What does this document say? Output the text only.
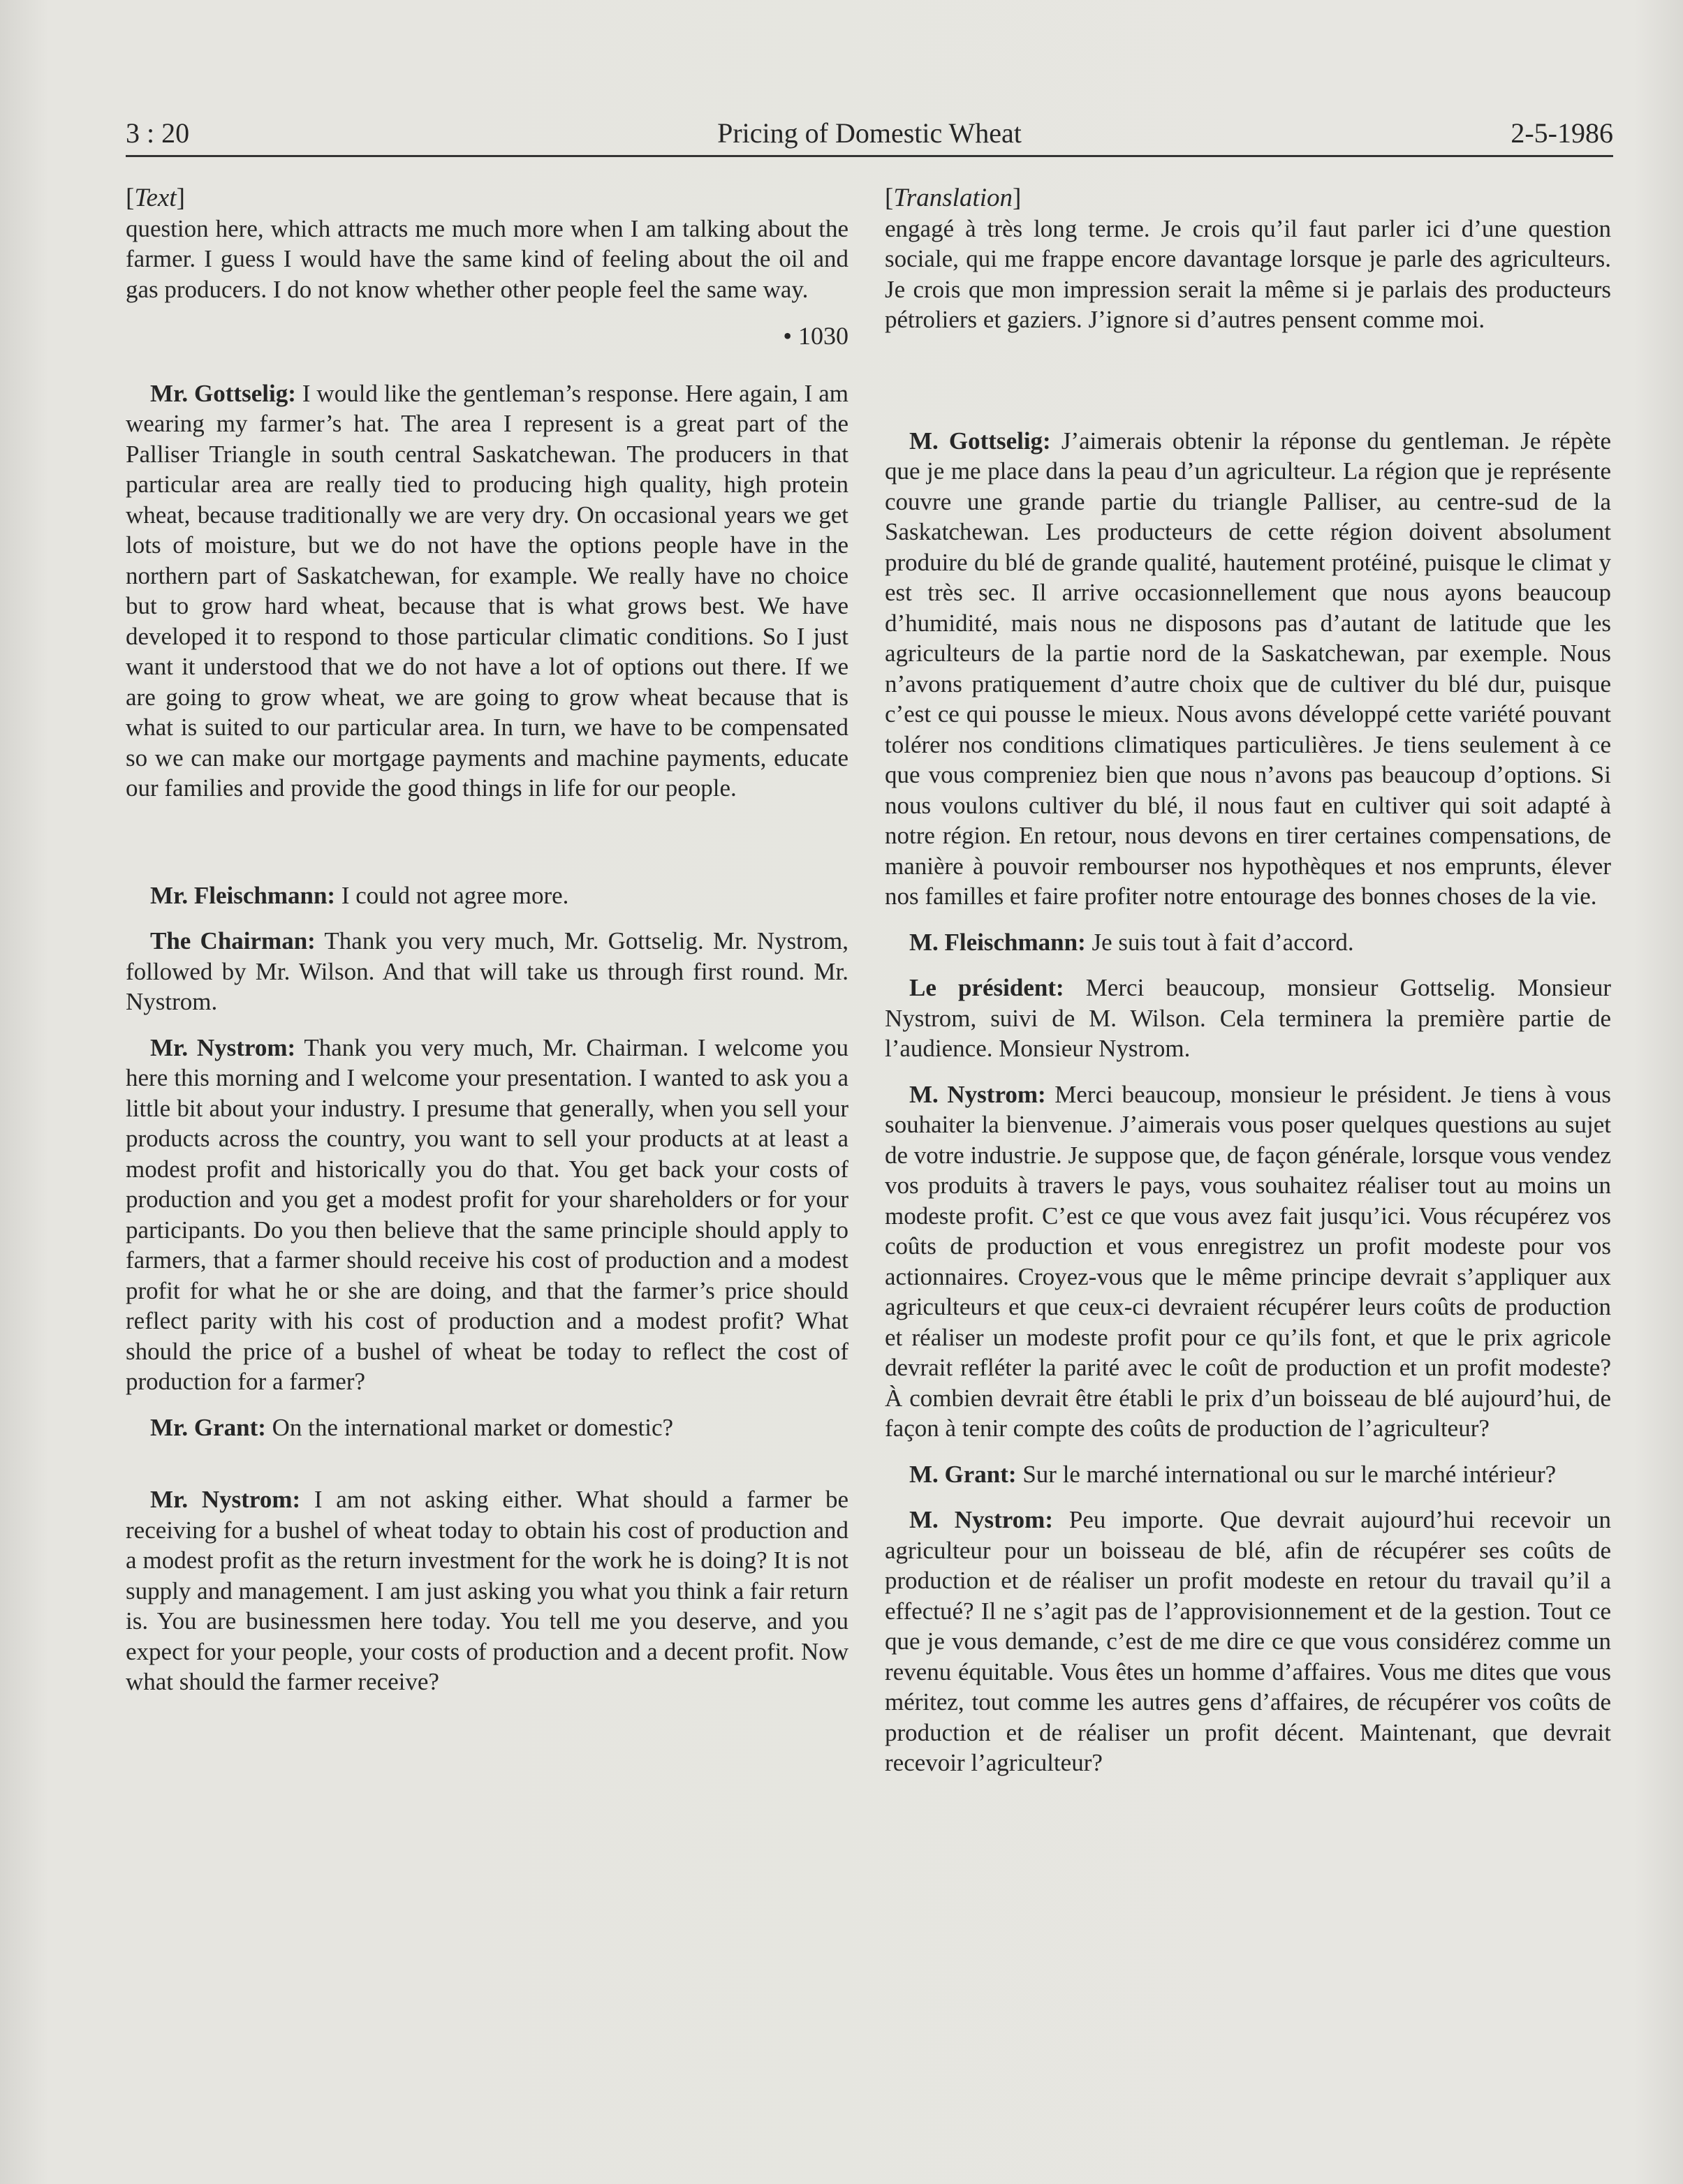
3 : 20	Pricing of Domestic Wheat	2-5-1986

[Text]

question here, which attracts me much more when I am talking about the farmer. I guess I would have the same kind of feeling about the oil and gas producers. I do not know whether other people feel the same way.

• 1030

Mr. Gottselig: I would like the gentleman’s response. Here again, I am wearing my farmer’s hat. The area I represent is a great part of the Palliser Triangle in south central Saskatchewan. The producers in that particular area are really tied to producing high quality, high protein wheat, because traditionally we are very dry. On occasional years we get lots of moisture, but we do not have the options people have in the northern part of Saskatchewan, for example. We really have no choice but to grow hard wheat, because that is what grows best. We have developed it to respond to those particular climatic conditions. So I just want it understood that we do not have a lot of options out there. If we are going to grow wheat, we are going to grow wheat because that is what is suited to our particular area. In turn, we have to be compensated so we can make our mortgage payments and machine payments, educate our families and provide the good things in life for our people.

Mr. Fleischmann: I could not agree more.

The Chairman: Thank you very much, Mr. Gottselig. Mr. Nystrom, followed by Mr. Wilson. And that will take us through first round. Mr. Nystrom.

Mr. Nystrom: Thank you very much, Mr. Chairman. I welcome you here this morning and I welcome your presentation. I wanted to ask you a little bit about your industry. I presume that generally, when you sell your products across the country, you want to sell your products at at least a modest profit and historically you do that. You get back your costs of production and you get a modest profit for your shareholders or for your participants. Do you then believe that the same principle should apply to farmers, that a farmer should receive his cost of production and a modest profit for what he or she are doing, and that the farmer’s price should reflect parity with his cost of production and a modest profit? What should the price of a bushel of wheat be today to reflect the cost of production for a farmer?

Mr. Grant: On the international market or domestic?

Mr. Nystrom: I am not asking either. What should a farmer be receiving for a bushel of wheat today to obtain his cost of production and a modest profit as the return investment for the work he is doing? It is not supply and management. I am just asking you what you think a fair return is. You are businessmen here today. You tell me you deserve, and you expect for your people, your costs of production and a decent profit. Now what should the farmer receive?

[Translation]

engagé à très long terme. Je crois qu’il faut parler ici d’une question sociale, qui me frappe encore davantage lorsque je parle des agriculteurs. Je crois que mon impression serait la même si je parlais des producteurs pétroliers et gaziers. J’ignore si d’autres pensent comme moi.

M. Gottselig: J’aimerais obtenir la réponse du gentleman. Je répète que je me place dans la peau d’un agriculteur. La région que je représente couvre une grande partie du triangle Palliser, au centre-sud de la Saskatchewan. Les producteurs de cette région doivent absolument produire du blé de grande qualité, hautement protéiné, puisque le climat y est très sec. Il arrive occasionnellement que nous ayons beaucoup d’humidité, mais nous ne disposons pas d’autant de latitude que les agriculteurs de la partie nord de la Saskatchewan, par exemple. Nous n’avons pratiquement d’autre choix que de cultiver du blé dur, puisque c’est ce qui pousse le mieux. Nous avons développé cette variété pouvant tolérer nos conditions climatiques particulières. Je tiens seulement à ce que vous compreniez bien que nous n’avons pas beaucoup d’options. Si nous voulons cultiver du blé, il nous faut en cultiver qui soit adapté à notre région. En retour, nous devons en tirer certaines compensations, de manière à pouvoir rembourser nos hypothèques et nos emprunts, élever nos familles et faire profiter notre entourage des bonnes choses de la vie.

M. Fleischmann: Je suis tout à fait d’accord.

Le président: Merci beaucoup, monsieur Gottselig. Monsieur Nystrom, suivi de M. Wilson. Cela terminera la première partie de l’audience. Monsieur Nystrom.

M. Nystrom: Merci beaucoup, monsieur le président. Je tiens à vous souhaiter la bienvenue. J’aimerais vous poser quelques questions au sujet de votre industrie. Je suppose que, de façon générale, lorsque vous vendez vos produits à travers le pays, vous souhaitez réaliser tout au moins un modeste profit. C’est ce que vous avez fait jusqu’ici. Vous récupérez vos coûts de production et vous enregistrez un profit modeste pour vos actionnaires. Croyez-vous que le même principe devrait s’appliquer aux agriculteurs et que ceux-ci devraient récupérer leurs coûts de production et réaliser un modeste profit pour ce qu’ils font, et que le prix agricole devrait refléter la parité avec le coût de production et un profit modeste? À combien devrait être établi le prix d’un boisseau de blé aujourd’hui, de façon à tenir compte des coûts de production de l’agriculteur?

M. Grant: Sur le marché international ou sur le marché intérieur?

M. Nystrom: Peu importe. Que devrait aujourd’hui recevoir un agriculteur pour un boisseau de blé, afin de récupérer ses coûts de production et de réaliser un profit modeste en retour du travail qu’il a effectué? Il ne s’agit pas de l’approvisionnement et de la gestion. Tout ce que je vous demande, c’est de me dire ce que vous considérez comme un revenu équitable. Vous êtes un homme d’affaires. Vous me dites que vous méritez, tout comme les autres gens d’affaires, de récupérer vos coûts de production et de réaliser un profit décent. Maintenant, que devrait recevoir l’agriculteur?
